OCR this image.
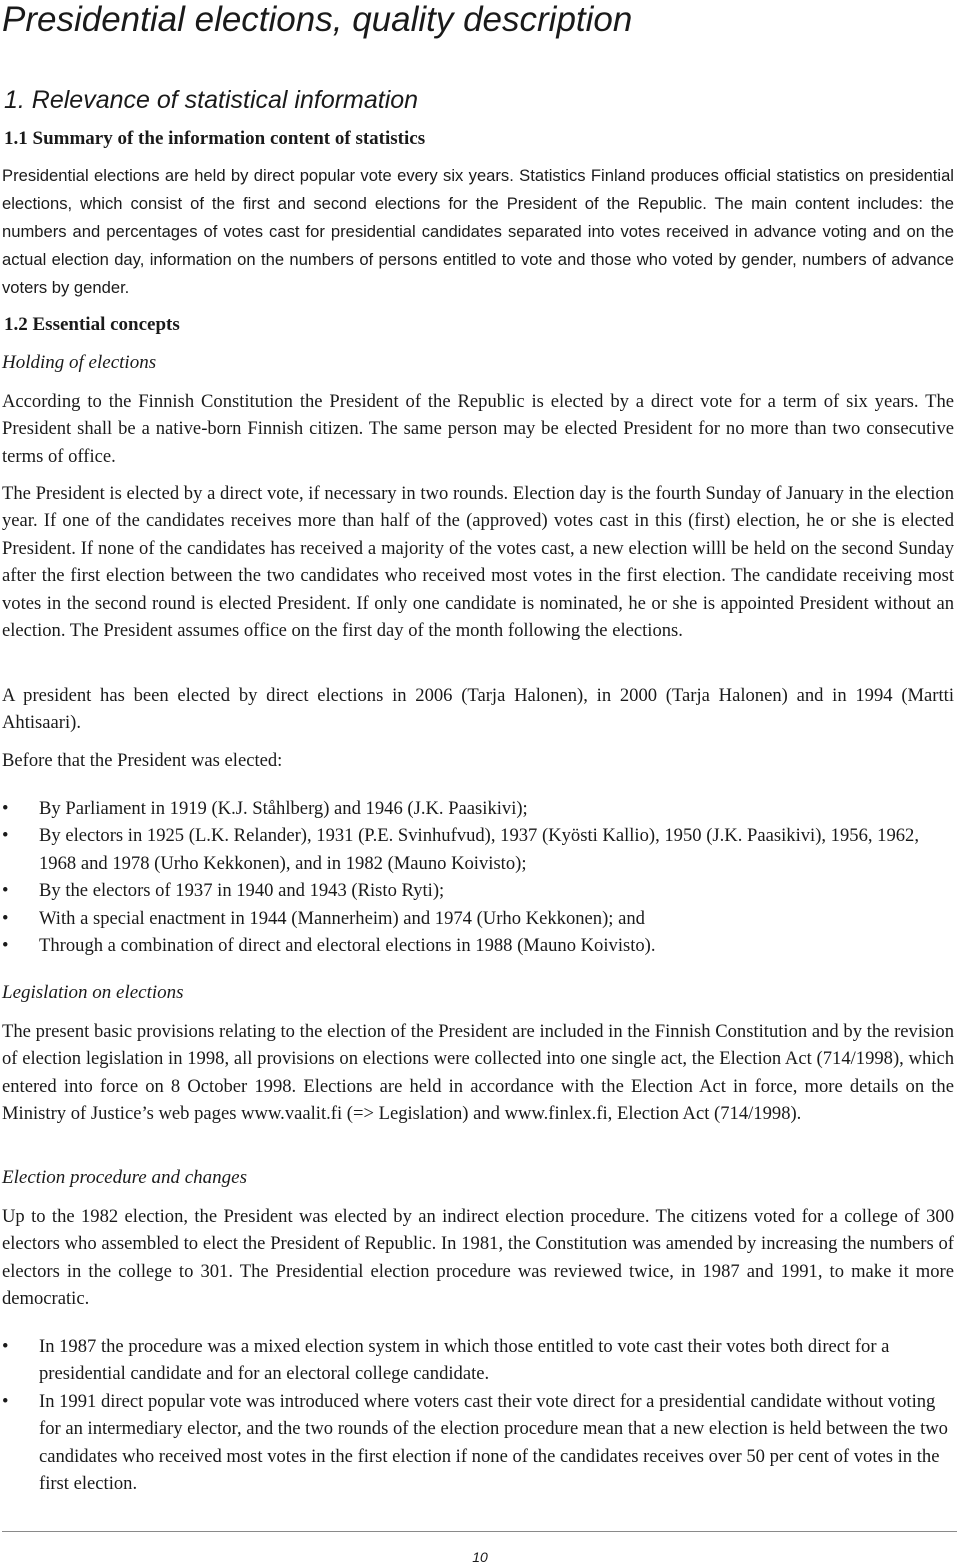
Presidential elections, quality description
1. Relevance of statistical information
1.1 Summary of the information content of statistics

Presidential elections are held by direct popular vote every six years. Statistics Finland produces official statistics on presidential elections, which consist of the first and second elections for the President of the Republic. The main content includes: the numbers and percentages of votes cast for presidential candidates separated into votes received in advance voting and on the actual election day, information on the numbers of persons entitled to vote and those who voted by gender, numbers of advance voters by gender.

1.2 Essential concepts
Holding of elections

According to the Finnish Constitution the President of the Republic is elected by a direct vote for a term of six years. The President shall be a native-born Finnish citizen. The same person may be elected President for no more than two consecutive terms of office.

The President is elected by a direct vote, if necessary in two rounds. Election day is the fourth Sunday of January in the election year. If one of the candidates receives more than half of the (approved) votes cast in this (first) election, he or she is elected President. If none of the candidates has received a majority of the votes cast, a new election willl be held on the second Sunday after the first election between the two candidates who received most votes in the first election. The candidate receiving most votes in the second round is elected President. If only one candidate is nominated, he or she is appointed President without an election. The President assumes office on the first day of the month following the elections.

A president has been elected by direct elections in 2006 (Tarja Halonen), in 2000 (Tarja Halonen) and in 1994 (Martti Ahtisaari).

Before that the President was elected:

• By Parliament in 1919 (K.J. Ståhlberg) and 1946 (J.K. Paasikivi);
• By electors in 1925 (L.K. Relander), 1931 (P.E. Svinhufvud), 1937 (Kyösti Kallio), 1950 (J.K. Paasikivi), 1956, 1962, 1968 and 1978 (Urho Kekkonen), and in 1982 (Mauno Koivisto);
• By the electors of 1937 in 1940 and 1943 (Risto Ryti);
• With a special enactment in 1944 (Mannerheim) and 1974 (Urho Kekkonen); and
• Through a combination of direct and electoral elections in 1988 (Mauno Koivisto).
Legislation on elections

The present basic provisions relating to the election of the President are included in the Finnish Constitution and by the revision of election legislation in 1998, all provisions on elections were collected into one single act, the Election Act (714/1998), which entered into force on 8 October 1998. Elections are held in accordance with the Election Act in force, more details on the Ministry of Justice’s web pages www.vaalit.fi (=> Legislation) and www.finlex.fi, Election Act (714/1998).

Election procedure and changes

Up to the 1982 election, the President was elected by an indirect election procedure. The citizens voted for a college of 300 electors who assembled to elect the President of Republic. In 1981, the Constitution was amended by increasing the numbers of electors in the college to 301. The Presidential election procedure was reviewed twice, in 1987 and 1991, to make it more democratic.

• In 1987 the procedure was a mixed election system in which those entitled to vote cast their votes both direct for a presidential candidate and for an electoral college candidate.
• In 1991 direct popular vote was introduced where voters cast their vote direct for a presidential candidate without voting for an intermediary elector, and the two rounds of the election procedure mean that a new election is held between the two candidates who received most votes in the first election if none of the candidates receives over 50 per cent of votes in the first election.
10
